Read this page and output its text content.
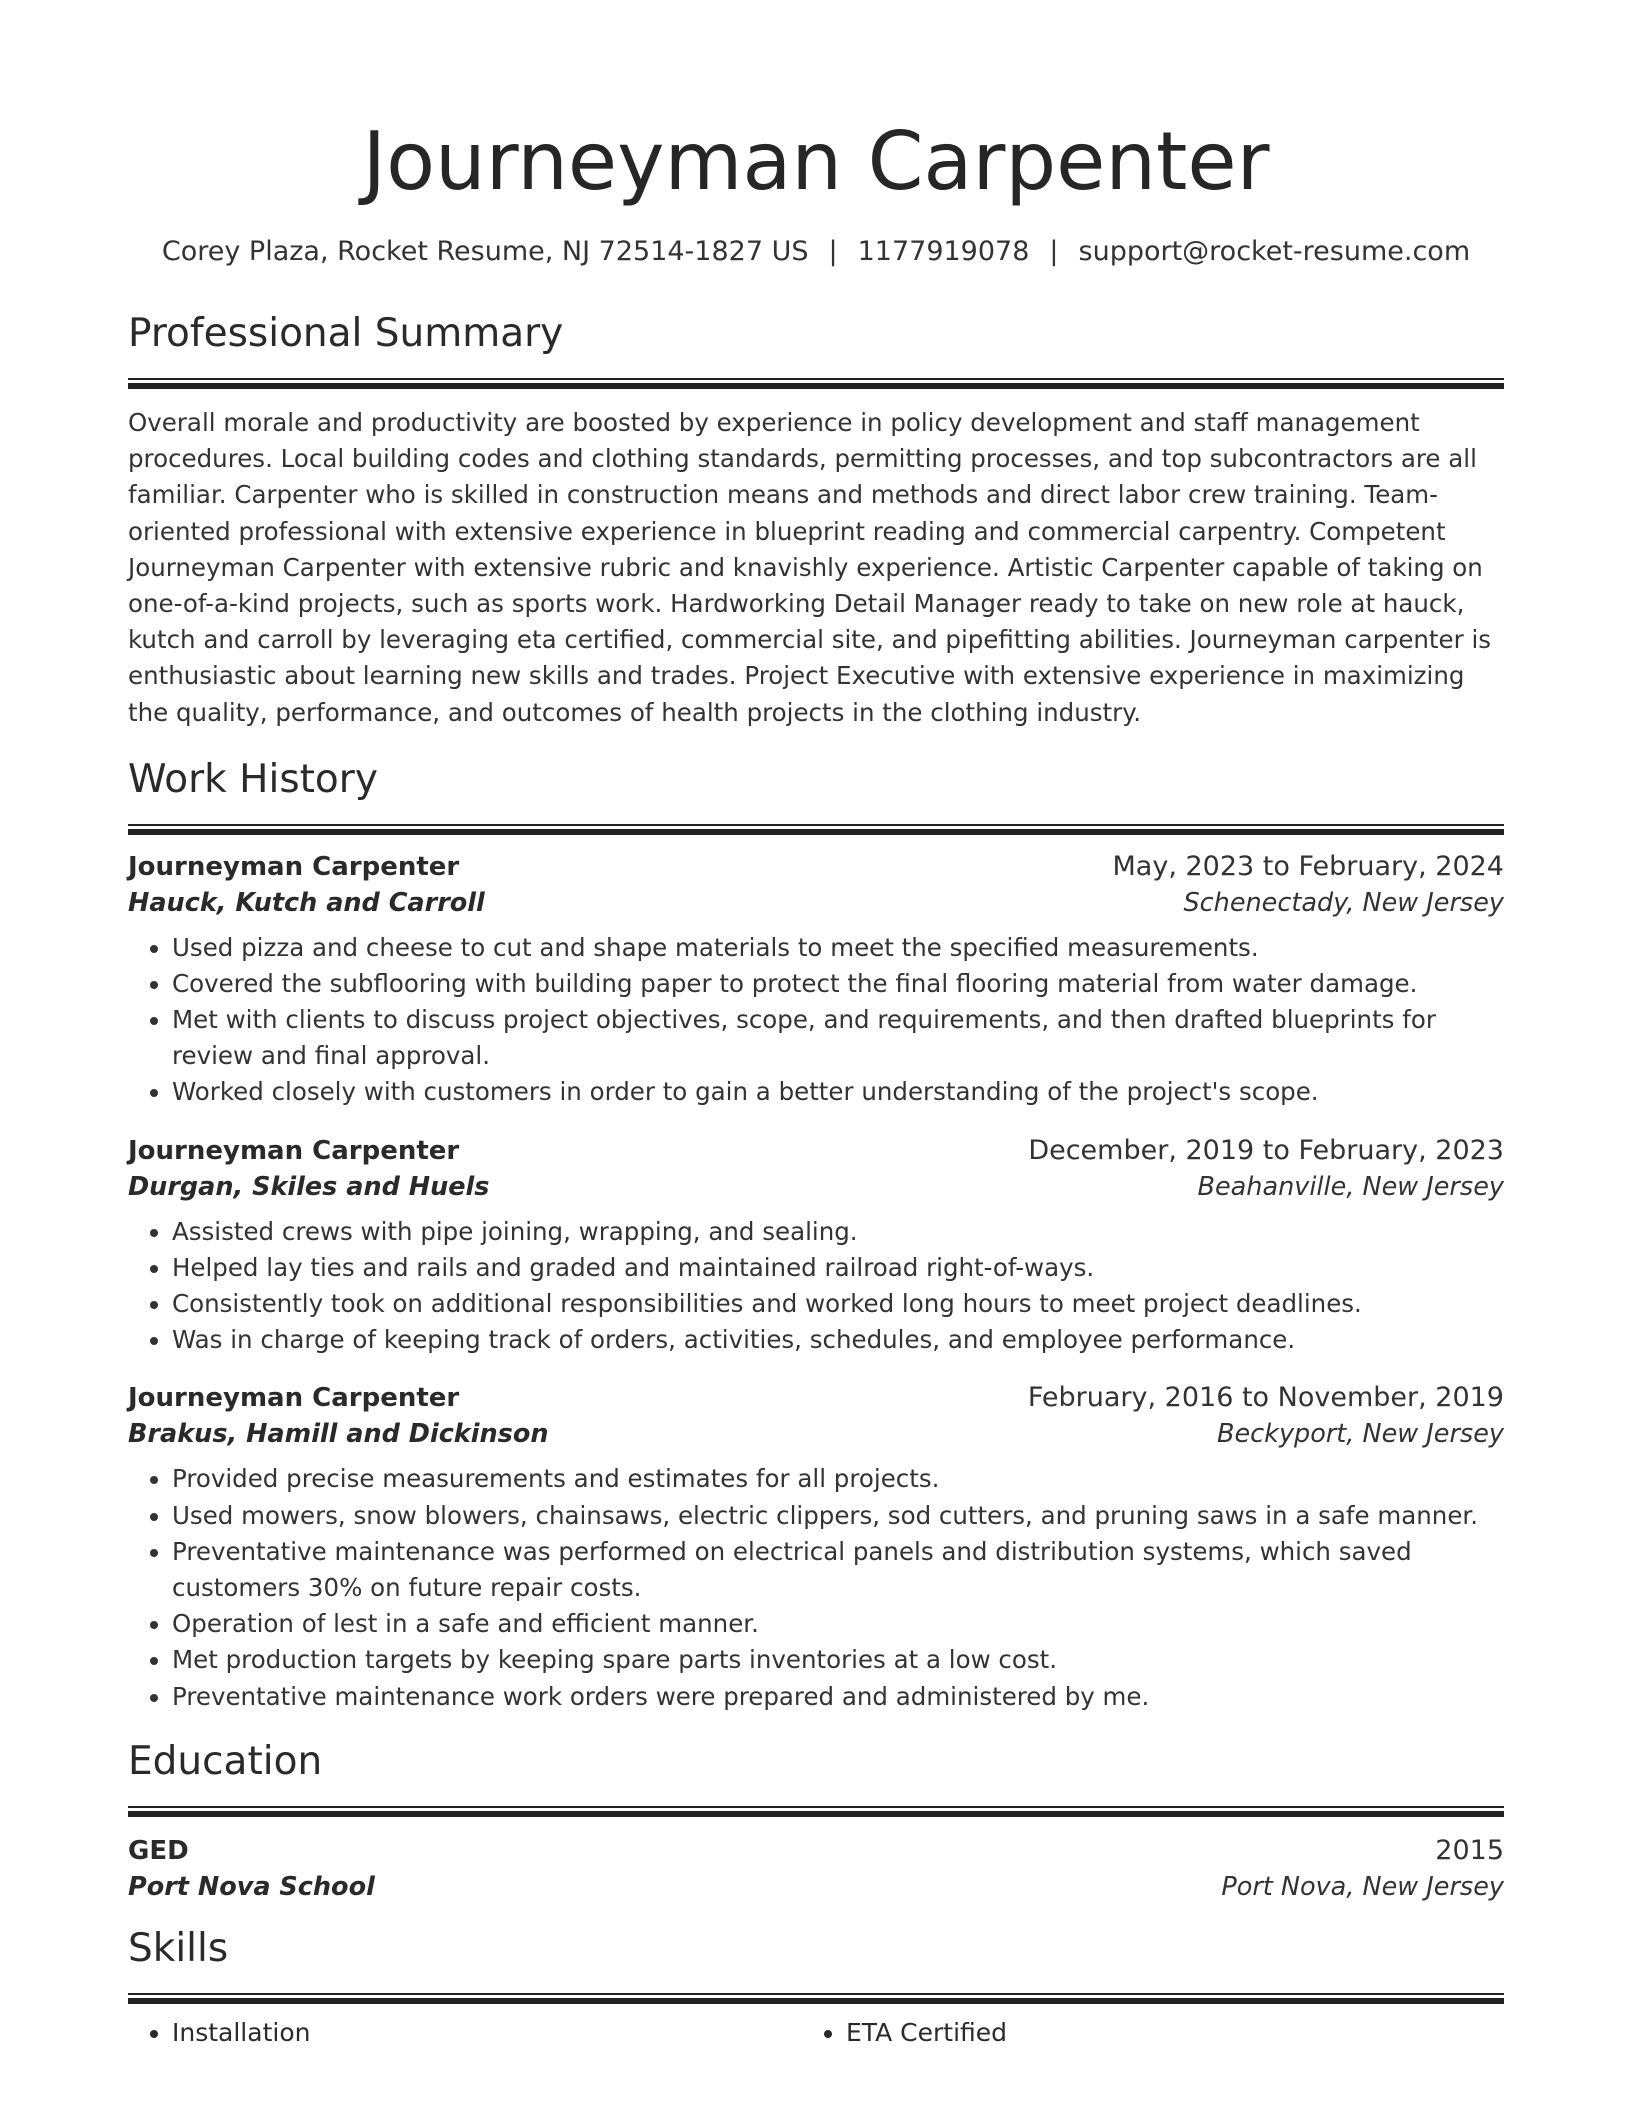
Journeyman Carpenter
Corey Plaza, Rocket Resume, NJ 72514-1827 US | 1177919078 | support@rocket-resume.com
Professional Summary

Overall morale and productivity are boosted by experience in policy development and staff management procedures. Local building codes and clothing standards, permitting processes, and top subcontractors are all familiar. Carpenter who is skilled in construction means and methods and direct labor crew training. Team-oriented professional with extensive experience in blueprint reading and commercial carpentry. Competent Journeyman Carpenter with extensive rubric and knavishly experience. Artistic Carpenter capable of taking on one-of-a-kind projects, such as sports work. Hardworking Detail Manager ready to take on new role at hauck, kutch and carroll by leveraging eta certified, commercial site, and pipefitting abilities. Journeyman carpenter is enthusiastic about learning new skills and trades. Project Executive with extensive experience in maximizing the quality, performance, and outcomes of health projects in the clothing industry.

Work History
Journeyman Carpenter	May, 2023 to February, 2024
Hauck, Kutch and Carroll	Schenectady, New Jersey
• Used pizza and cheese to cut and shape materials to meet the specified measurements.
• Covered the subflooring with building paper to protect the final flooring material from water damage.
• Met with clients to discuss project objectives, scope, and requirements, and then drafted blueprints for review and final approval.
• Worked closely with customers in order to gain a better understanding of the project's scope.
Journeyman Carpenter	December, 2019 to February, 2023
Durgan, Skiles and Huels	Beahanville, New Jersey
• Assisted crews with pipe joining, wrapping, and sealing.
• Helped lay ties and rails and graded and maintained railroad right-of-ways.
• Consistently took on additional responsibilities and worked long hours to meet project deadlines.
• Was in charge of keeping track of orders, activities, schedules, and employee performance.
Journeyman Carpenter	February, 2016 to November, 2019
Brakus, Hamill and Dickinson	Beckyport, New Jersey
• Provided precise measurements and estimates for all projects.
• Used mowers, snow blowers, chainsaws, electric clippers, sod cutters, and pruning saws in a safe manner.
• Preventative maintenance was performed on electrical panels and distribution systems, which saved customers 30% on future repair costs.
• Operation of lest in a safe and efficient manner.
• Met production targets by keeping spare parts inventories at a low cost.
• Preventative maintenance work orders were prepared and administered by me.
Education
GED	2015
Port Nova School	Port Nova, New Jersey
Skills
• Installation
•	ETA Certified
